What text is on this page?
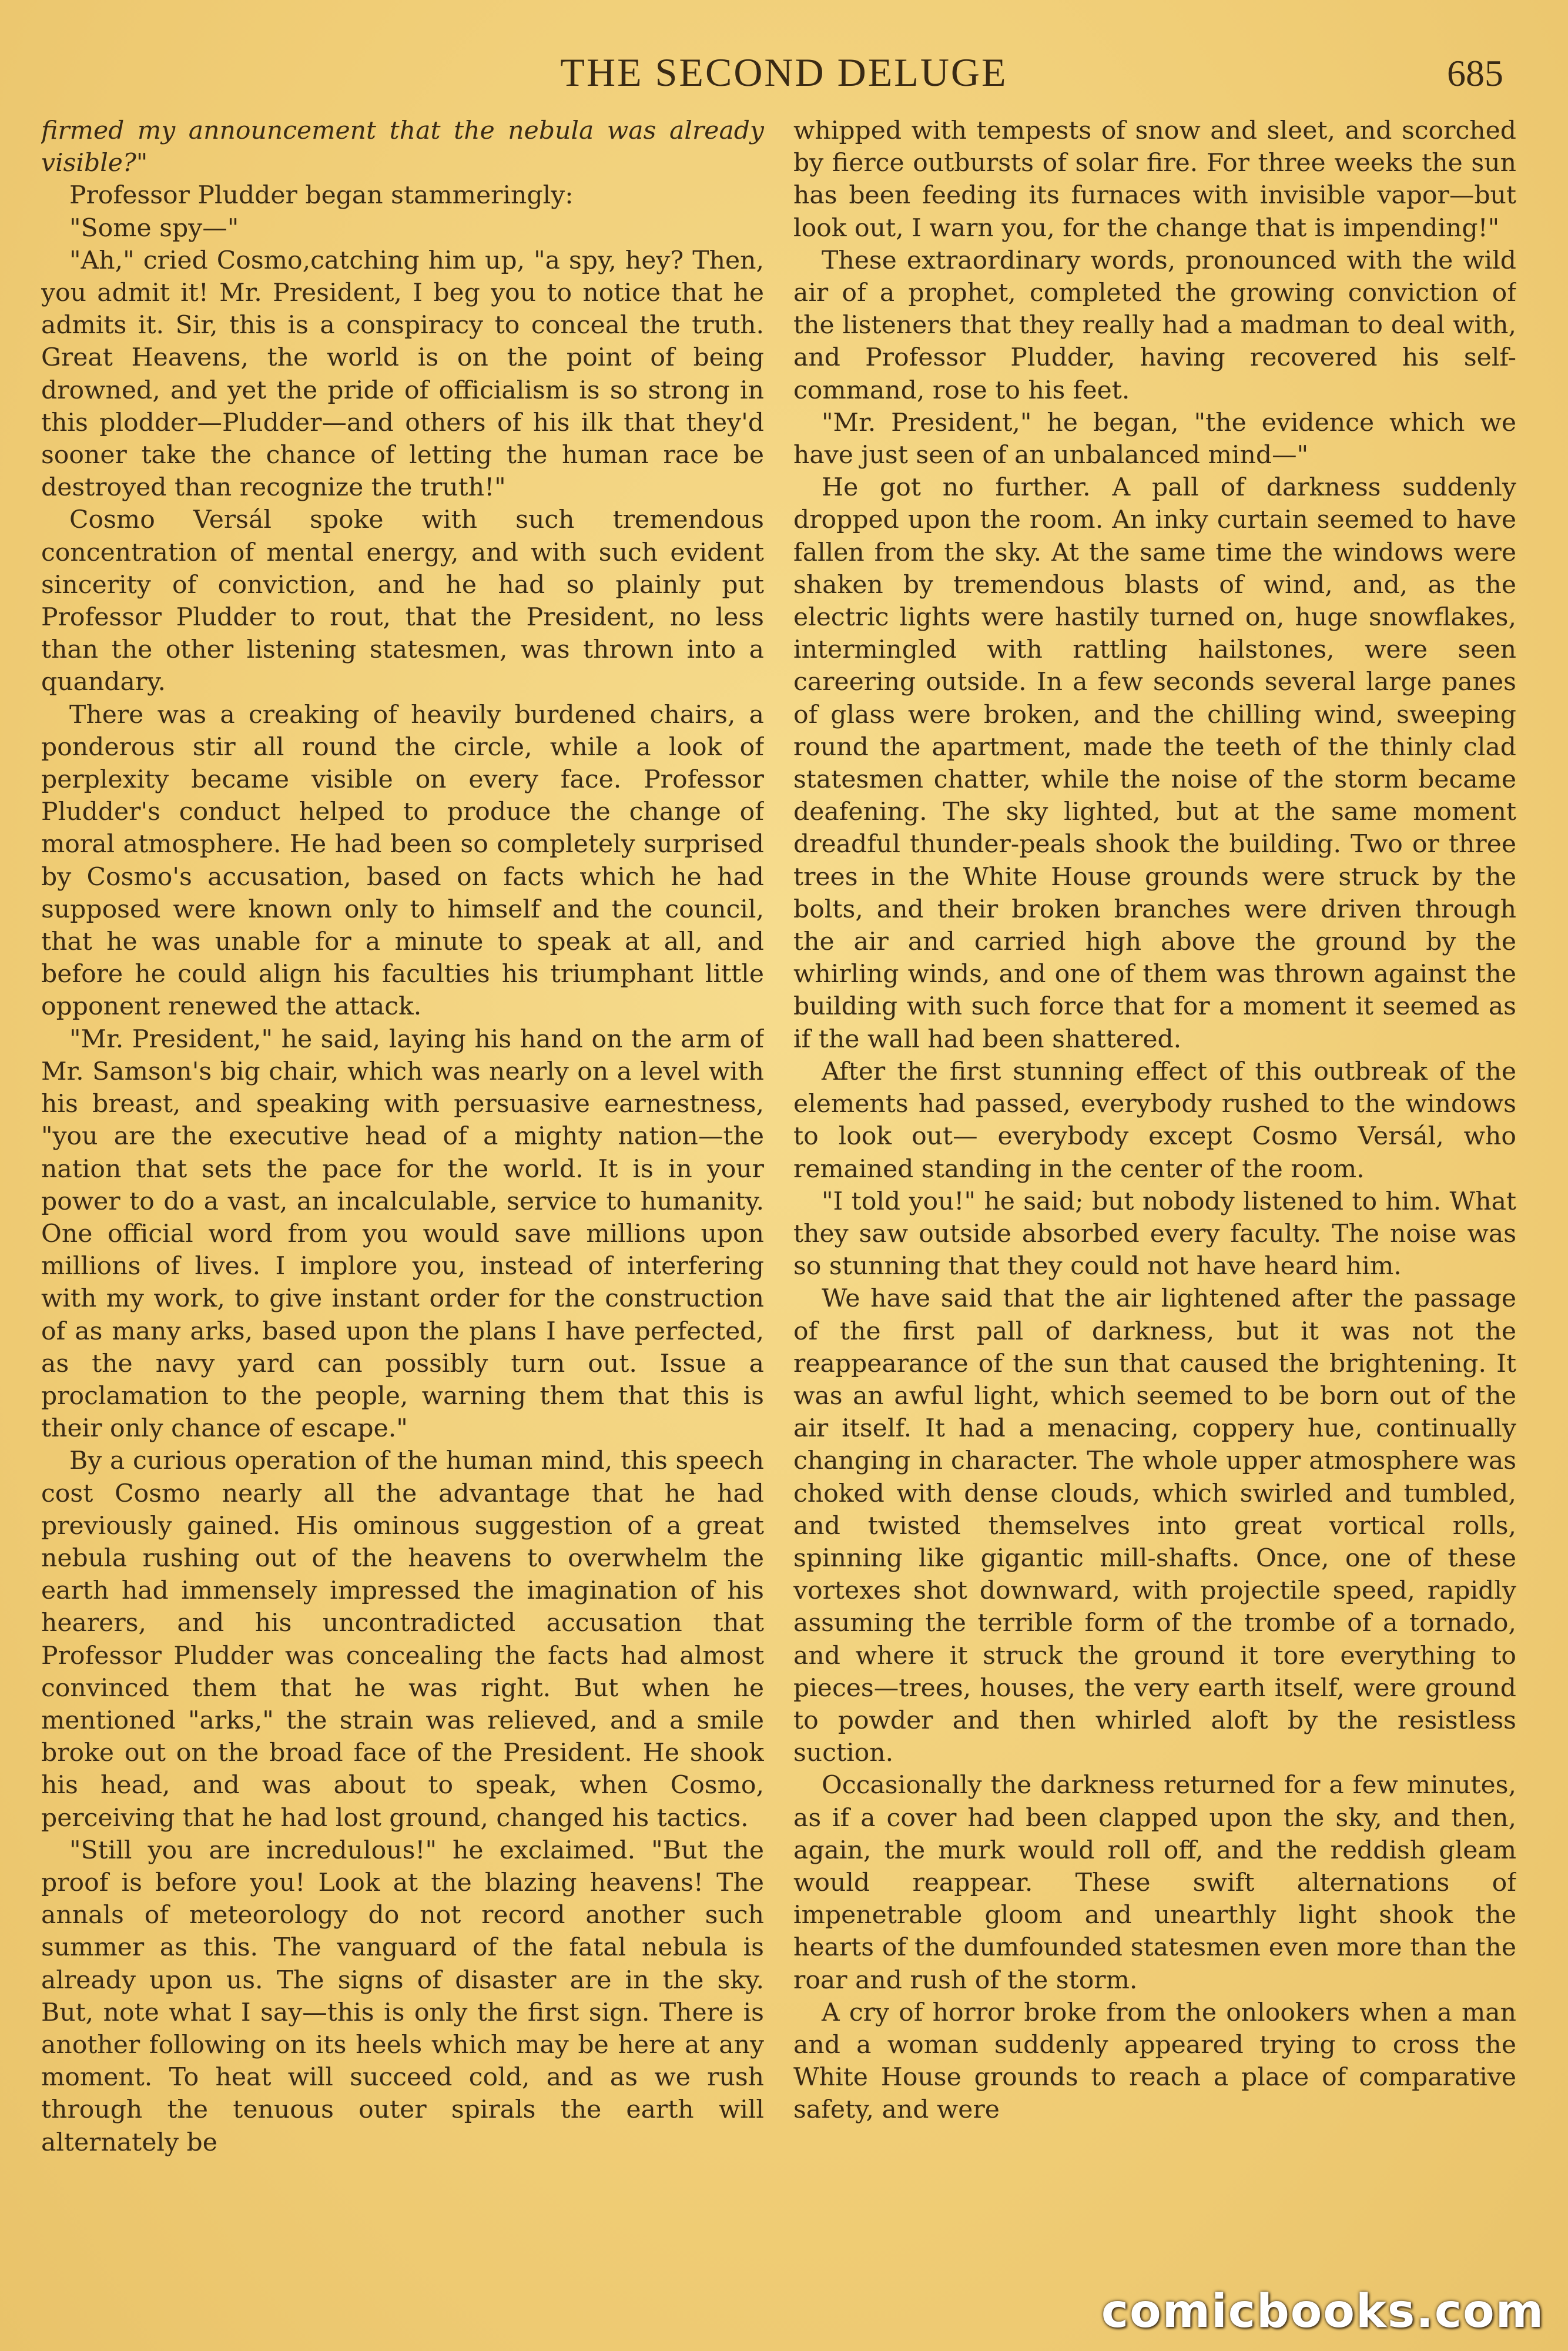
THE SECOND DELUGE	685

firmed my announcement that the nebula was already visible?"

Professor Pludder began stammeringly:

"Some spy—"

"Ah," cried Cosmo,catching him up, "a spy, hey? Then, you admit it! Mr. President, I beg you to notice that he admits it. Sir, this is a conspiracy to conceal the truth. Great Heavens, the world is on the point of being drowned, and yet the pride of officialism is so strong in this plodder—Pludder—and others of his ilk that they'd sooner take the chance of letting the human race be destroyed than recognize the truth!"

Cosmo Versál spoke with such tremendous concentration of mental energy, and with such evident sincerity of conviction, and he had so plainly put Professor Pludder to rout, that the President, no less than the other listening statesmen, was thrown into a quandary.

There was a creaking of heavily burdened chairs, a ponderous stir all round the circle, while a look of perplexity became visible on every face. Professor Pludder's conduct helped to produce the change of moral atmosphere. He had been so completely surprised by Cosmo's accusation, based on facts which he had supposed were known only to himself and the council, that he was unable for a minute to speak at all, and before he could align his faculties his triumphant little opponent renewed the attack.

"Mr. President," he said, laying his hand on the arm of Mr. Samson's big chair, which was nearly on a level with his breast, and speaking with persuasive earnestness, "you are the executive head of a mighty nation—the nation that sets the pace for the world. It is in your power to do a vast, an incalculable, service to humanity. One official word from you would save millions upon millions of lives. I implore you, instead of interfering with my work, to give instant order for the construction of as many arks, based upon the plans I have perfected, as the navy yard can possibly turn out. Issue a proclamation to the people, warning them that this is their only chance of escape."

By a curious operation of the human mind, this speech cost Cosmo nearly all the advantage that he had previously gained. His ominous suggestion of a great nebula rushing out of the heavens to overwhelm the earth had immensely impressed the imagination of his hearers, and his uncontradicted accusation that Professor Pludder was concealing the facts had almost convinced them that he was right. But when he mentioned "arks," the strain was relieved, and a smile broke out on the broad face of the President. He shook his head, and was about to speak, when Cosmo, perceiving that he had lost ground, changed his tactics.

"Still you are incredulous!" he exclaimed. "But the proof is before you! Look at the blazing heavens! The annals of meteorology do not record another such summer as this. The vanguard of the fatal nebula is already upon us. The signs of disaster are in the sky. But, note what I say—this is only the first sign. There is another following on its heels which may be here at any moment. To heat will succeed cold, and as we rush through the tenuous outer spirals the earth will alternately be

whipped with tempests of snow and sleet, and scorched by fierce outbursts of solar fire. For three weeks the sun has been feeding its furnaces with invisible vapor—but look out, I warn you, for the change that is impending!"

These extraordinary words, pronounced with the wild air of a prophet, completed the growing conviction of the listeners that they really had a madman to deal with, and Professor Pludder, having recovered his self-command, rose to his feet.

"Mr. President," he began, "the evidence which we have just seen of an unbalanced mind—"

He got no further. A pall of darkness suddenly dropped upon the room. An inky curtain seemed to have fallen from the sky. At the same time the windows were shaken by tremendous blasts of wind, and, as the electric lights were hastily turned on, huge snowflakes, intermingled with rattling hailstones, were seen careering outside. In a few seconds several large panes of glass were broken, and the chilling wind, sweeping round the apartment, made the teeth of the thinly clad statesmen chatter, while the noise of the storm became deafening. The sky lighted, but at the same moment dreadful thunder-peals shook the building. Two or three trees in the White House grounds were struck by the bolts, and their broken branches were driven through the air and carried high above the ground by the whirling winds, and one of them was thrown against the building with such force that for a moment it seemed as if the wall had been shattered.

After the first stunning effect of this outbreak of the elements had passed, everybody rushed to the windows to look out— everybody except Cosmo Versál, who remained standing in the center of the room.

"I told you!" he said; but nobody listened to him. What they saw outside absorbed every faculty. The noise was so stunning that they could not have heard him.

We have said that the air lightened after the passage of the first pall of darkness, but it was not the reappearance of the sun that caused the brightening. It was an awful light, which seemed to be born out of the air itself. It had a menacing, coppery hue, continually changing in character. The whole upper atmosphere was choked with dense clouds, which swirled and tumbled, and twisted themselves into great vortical rolls, spinning like gigantic mill-shafts. Once, one of these vortexes shot downward, with projectile speed, rapidly assuming the terrible form of the trombe of a tornado, and where it struck the ground it tore everything to pieces—trees, houses, the very earth itself, were ground to powder and then whirled aloft by the resistless suction.

Occasionally the darkness returned for a few minutes, as if a cover had been clapped upon the sky, and then, again, the murk would roll off, and the reddish gleam would reappear. These swift alternations of impenetrable gloom and unearthly light shook the hearts of the dumfounded statesmen even more than the roar and rush of the storm.

A cry of horror broke from the onlookers when a man and a woman suddenly appeared trying to cross the White House grounds to reach a place of comparative safety, and were

comicbooks.com
